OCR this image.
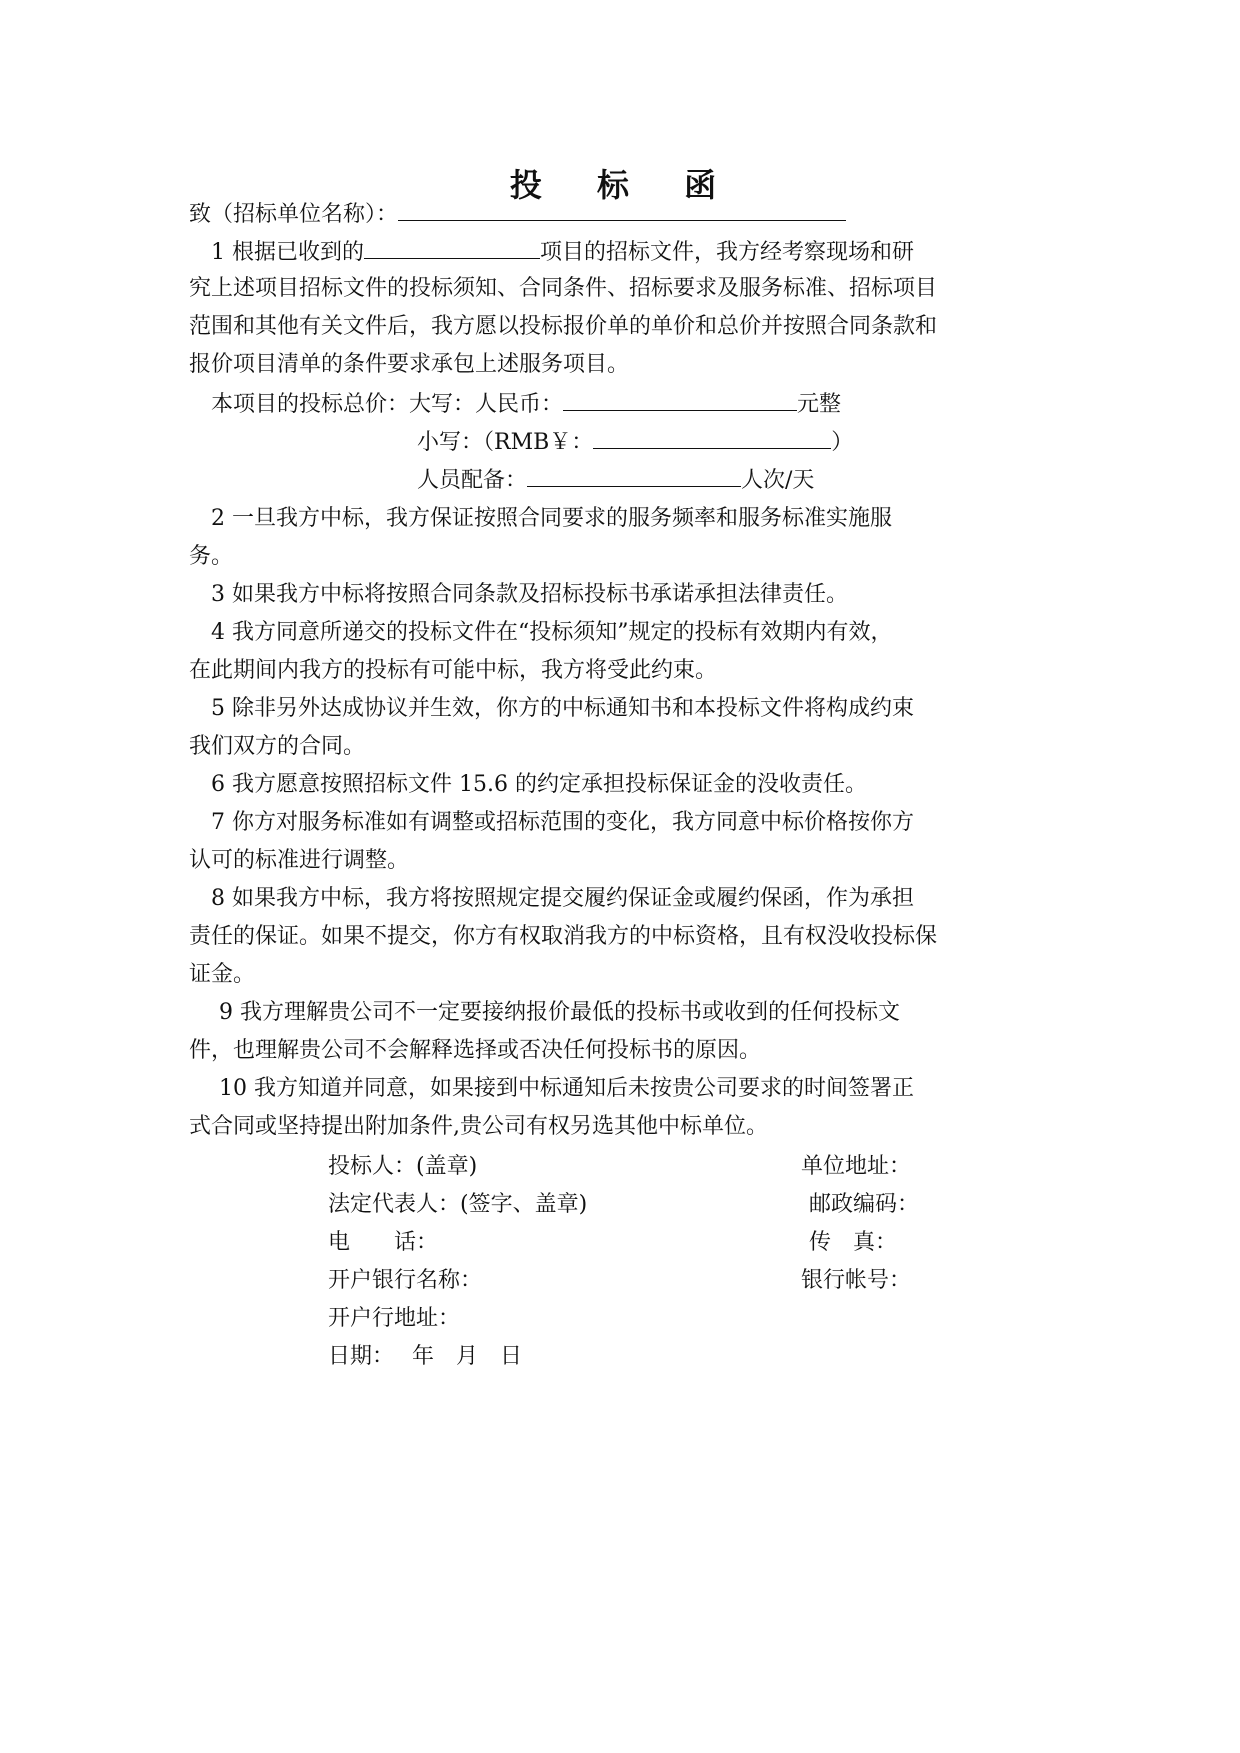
投 标 函
致（招标单位名称）：
1 根据已收到的	项目的招标文件，我方经考察现场和研
究上述项目招标文件的投标须知、合同条件、招标要求及服务标准、招标项目
范围和其他有关文件后，我方愿以投标报价单的单价和总价并按照合同条款和
报价项目清单的条件要求承包上述服务项目。
本项目的投标总价：大写：人民币：	元整
小写：（RMB￥：	）
人员配备：	人次/天
2 一旦我方中标，我方保证按照合同要求的服务频率和服务标准实施服
务。
3 如果我方中标将按照合同条款及招标投标书承诺承担法律责任。
4 我方同意所递交的投标文件在“投标须知”规定的投标有效期内有效，
在此期间内我方的投标有可能中标，我方将受此约束。
5 除非另外达成协议并生效，你方的中标通知书和本投标文件将构成约束
我们双方的合同。
6 我方愿意按照招标文件 15.6 的约定承担投标保证金的没收责任。
7 你方对服务标准如有调整或招标范围的变化，我方同意中标价格按你方
认可的标准进行调整。
8 如果我方中标，我方将按照规定提交履约保证金或履约保函，作为承担
责任的保证。如果不提交，你方有权取消我方的中标资格，且有权没收投标保
证金。
9 我方理解贵公司不一定要接纳报价最低的投标书或收到的任何投标文
件，也理解贵公司不会解释选择或否决任何投标书的原因。
10 我方知道并同意，如果接到中标通知后未按贵公司要求的时间签署正
式合同或坚持提出附加条件,贵公司有权另选其他中标单位。
投标人：(盖章)	单位地址：
法定代表人：(签字、盖章)	邮政编码：
电　　话：	传　真：
开户银行名称：	银行帐号：
开户行地址：
日期：　 年　月　日
